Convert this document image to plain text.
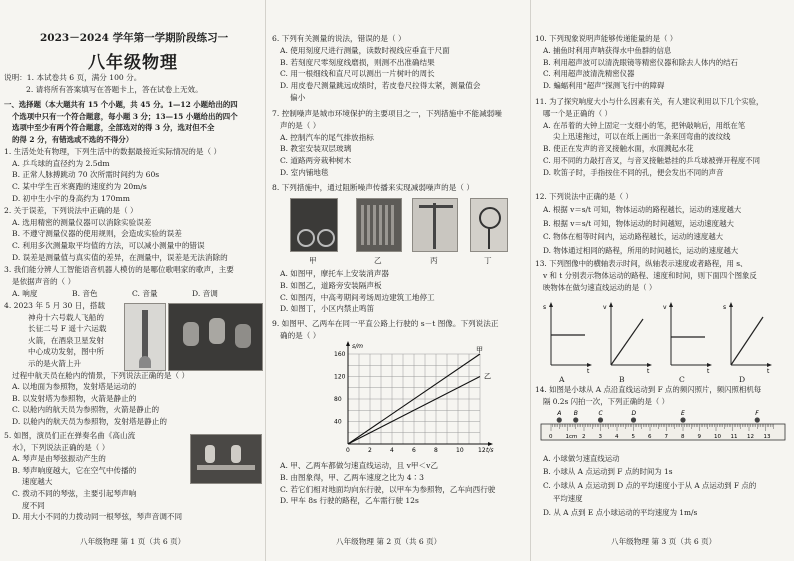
2023－2024 学年第一学期阶段练习一
八年级物理
说明：1. 本试卷共 6 页，满分 100 分。
2. 请将所有答案填写在答题卡上，答在试卷上无效。
一、选择题（本大题共有 15 个小题，共 45 分。1—12 小题给出的四
个选项中只有一个符合题意，每小题 3 分；13—15 小题给出的四个
选项中至少有两个符合题意，全部选对的得 3 分，选对但不全
的得 2 分，有错选或不选的不得分）
1. 生活处处有物理，下列生活中的数据最接近实际情况的是（ ）
A. 乒乓球的直径约为 2.5dm
B. 正常人脉搏跳动 70 次所需时间约为 60s
C. 某中学生百米赛跑的速度约为 20m/s
D. 初中生小宇的身高约为 170mm
2. 关于误差，下列说法中正确的是（ ）
A. 选用精密的测量仪器可以消除实验误差
B. 不遵守测量仪器的使用规则，会造成实验的误差
C. 利用多次测量取平均值的方法，可以减小测量中的错误
D. 误差是测量值与真实值的差异，在测量中，误差是无法消除的
3. 我们能分辨人工智能语音机器人模仿的是哪位歌唱家的歌声，主要
是依据声音的（ ）
A. 响度	B. 音色	C. 音量	D. 音调
4. 2023 年 5 月 30 日，搭载
神舟十六号载人飞船的
长征二号 F 遥十六运载
火箭，在酒泉卫星发射
中心成功发射，图中所
示的是火箭上升
过程中航天员在舱内的情景，下列说法正确的是（ ）
A. 以地面为参照物，发射塔是运动的
B. 以发射塔为参照物，火箭是静止的
C. 以舱内的航天员为参照物，火箭是静止的
D. 以舱内的航天员为参照物，发射塔是静止的
5. 如图，演员们正在弹奏名曲《高山流
水》，下列说法正确的是（ ）
A. 琴声是由琴弦振动产生的
B. 琴声响度越大，它在空气中传播的
速度越大
C. 拨动不同的琴弦，主要引起琴声响
度不同
D. 用大小不同的力拨动同一根琴弦，琴声音调不同
八年级物理 第 1 页（共 6 页）
6. 下列有关测量的说法，错误的是（ ）
A. 使用刻度尺进行测量，读数时视线应垂直于尺面
B. 若刻度尺零刻度线磨损，则测不出准确结果
C. 用一根细线和直尺可以测出一片树叶的周长
D. 用皮卷尺测量跳远成绩时，若皮卷尺拉得太紧，测量值会
偏小
7. 控制噪声是城市环境保护的主要项目之一，下列措施中不能减弱噪
声的是（ ）
A. 控制汽车的尾气排放指标
B. 教室安装双层玻璃
C. 道路两旁栽种树木
D. 室内铺地毯
8. 下列措施中，通过阻断噪声传播来实现减弱噪声的是（ ）
甲	乙	丙	丁
A. 如图甲，摩托车上安装消声器
B. 如图乙，道路旁安装隔声板
C. 如图丙，中高考期间考场周边建筑工地停工
D. 如图丁，小区内禁止鸣笛
9. 如图甲、乙两车在同一平直公路上行驶的 s－t 图像。下列说法正
确的是（ ）
0	2	4	6	8	10 12
40
80
120
160
t/s
s/m	甲
乙
A. 甲、乙两车都做匀速直线运动，且 v甲＜v乙
B. 由图象得，甲、乙两车速度之比为 4∶3
C. 若它们相对地面均向东行驶，以甲车为参照物，乙车向西行驶
D. 甲车 8s 行驶的路程，乙车需行驶 12s
八年级物理 第 2 页（共 6 页）
10. 下列现象说明声能够传递能量的是（ ）
A. 捕鱼时利用声呐获得水中鱼群的信息
B. 利用超声波可以清洗眼镜等精密仪器和除去人体内的结石
C. 利用超声波清洗精密仪器
D. 蝙蝠利用“超声”探测飞行中的障碍
11. 为了探究响度大小与什么因素有关，有人建议利用以下几个实验，
哪一个是正确的（ ）
A. 在吊着的大钟上固定一支细小的笔，把钟敲响后，用纸在笔
尖上迅速拖过，可以在纸上画出一条来回弯曲的波纹线
B. 使正在发声的音叉接触水面，水面溅起水花
C. 用不同的力敲打音叉，与音叉接触悬挂的乒乓球被弹开程度不同
D. 吹笛子时，手指按住不同的孔，便会发出不同的声音
12. 下列说法中正确的是（ ）
A. 根据 v＝s/t 可知，物体运动的路程越长，运动的速度越大
B. 根据 v＝s/t 可知，物体运动的时间越短，运动速度越大
C. 物体在相等时间内，运动路程越长，运动的速度越大
D. 物体通过相同的路程，所用的时间越长，运动的速度越大
13. 下列图像中的横轴表示时间，纵轴表示速度或者路程，用 s、
v 和 t 分别表示物体运动的路程、速度和时间，则下面四个图象反
映物体在做匀速直线运动的是（ ）
s
t
v
t
v
t
s
t
A	B	C	D
14. 如图是小球从 A 点沿直线运动到 F 点的频闪照片，频闪照相机每
隔 0.2s 闪拍一次，下列正确的是（ ）
0 1cm 2 3 4 5 6 7 8 9 10 11 12 13
A B	C	D	E	F
A. 小球做匀速直线运动
B. 小球从 A 点运动到 F 点的时间为 1s
C. 小球从 A 点运动到 D 点的平均速度小于从 A 点运动到 F 点的
平均速度
D. 从 A 点到 E 点小球运动的平均速度为 1m/s
八年级物理 第 3 页（共 6 页）
